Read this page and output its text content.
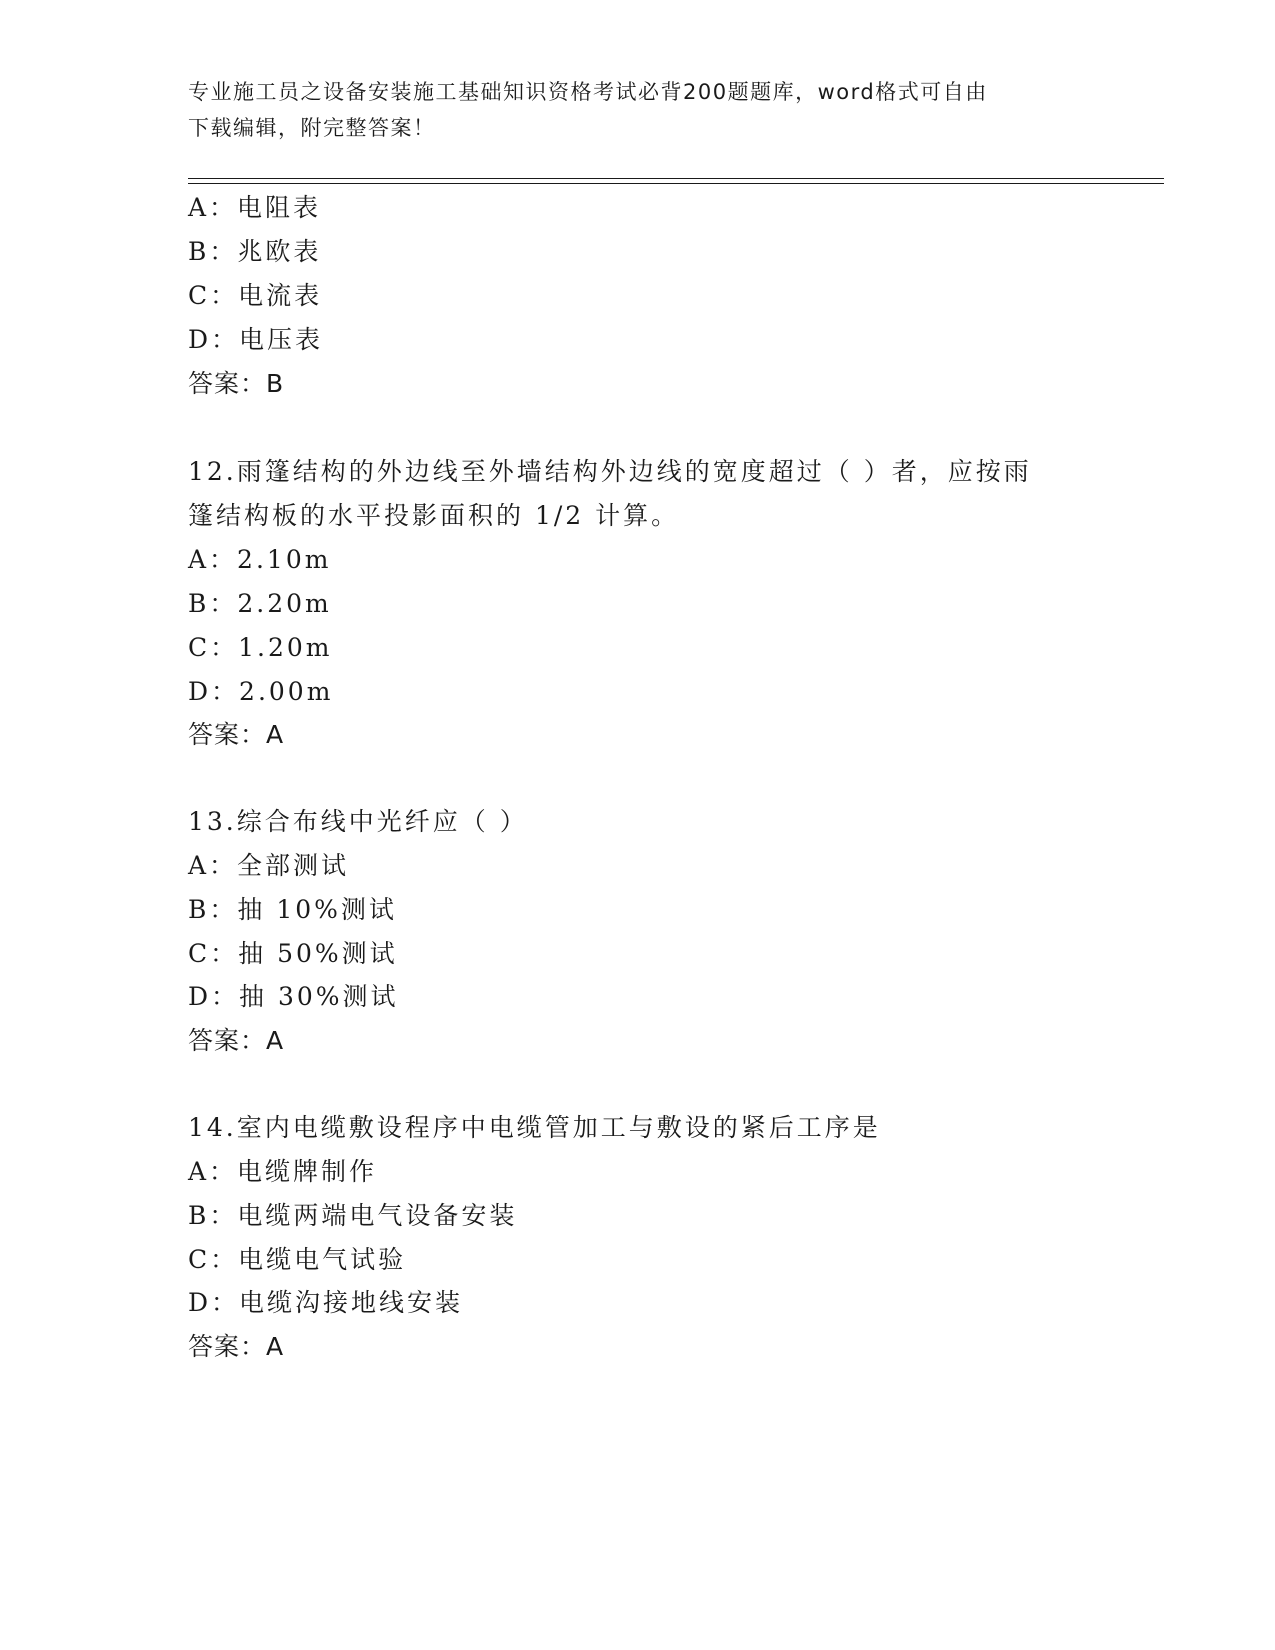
专业施工员之设备安装施工基础知识资格考试必背200题题库，word格式可自由
下载编辑，附完整答案！
A：电阻表
B：兆欧表
C：电流表
D：电压表
答案：B
12.雨篷结构的外边线至外墙结构外边线的宽度超过（ ）者，应按雨
篷结构板的水平投影面积的 1/2 计算。
A：2.10m
B：2.20m
C：1.20m
D：2.00m
答案：A
13.综合布线中光纤应（ ）
A：全部测试
B：抽 10%测试
C：抽 50%测试
D：抽 30%测试
答案：A
14.室内电缆敷设程序中电缆管加工与敷设的紧后工序是
A：电缆牌制作
B：电缆两端电气设备安装
C：电缆电气试验
D：电缆沟接地线安装
答案：A
